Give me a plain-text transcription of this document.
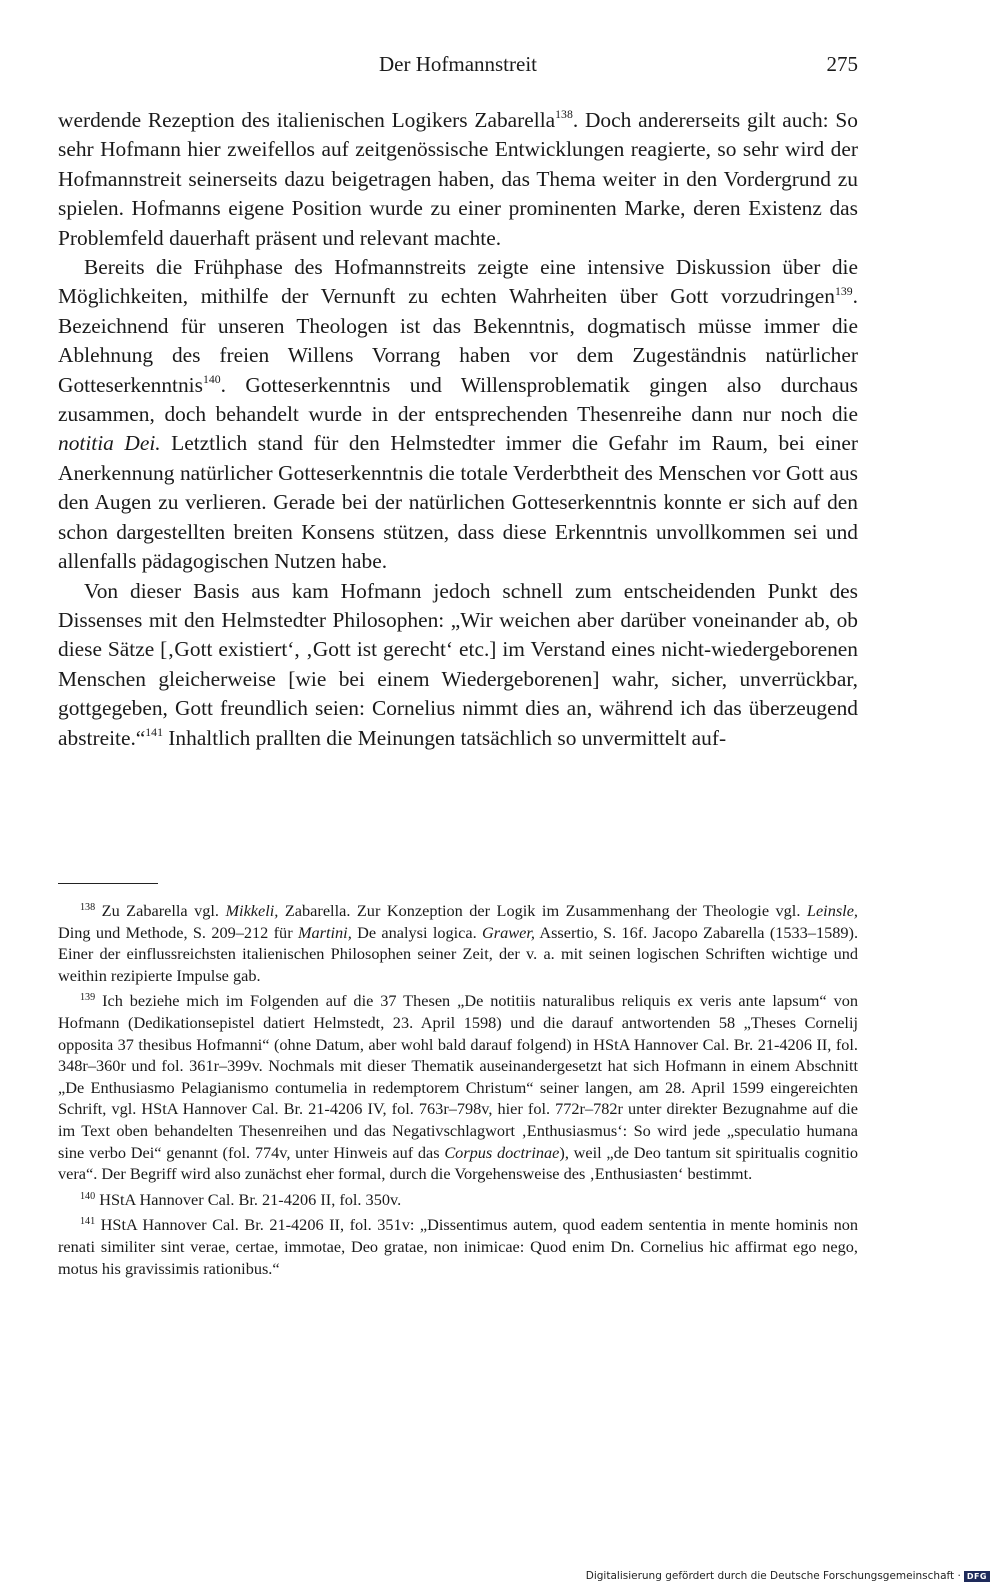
Der Hofmannstreit	275

werdende Rezeption des italienischen Logikers Zabarella$^{138}$. Doch andererseits gilt auch: So sehr Hofmann hier zweifellos auf zeitgenössische Entwicklungen reagierte, so sehr wird der Hofmannstreit seinerseits dazu beigetragen haben, das Thema weiter in den Vordergrund zu spielen. Hofmanns eigene Position wurde zu einer prominenten Marke, deren Existenz das Problemfeld dauerhaft präsent und relevant machte.

Bereits die Frühphase des Hofmannstreits zeigte eine intensive Diskussion über die Möglichkeiten, mithilfe der Vernunft zu echten Wahrheiten über Gott vorzudringen$^{139}$. Bezeichnend für unseren Theologen ist das Bekenntnis, dogmatisch müsse immer die Ablehnung des freien Willens Vorrang haben vor dem Zugeständnis natürlicher Gotteserkenntnis$^{140}$. Gotteserkenntnis und Willensproblematik gingen also durchaus zusammen, doch behandelt wurde in der entsprechenden Thesenreihe dann nur noch die notitia Dei. Letztlich stand für den Helmstedter immer die Gefahr im Raum, bei einer Anerkennung natürlicher Gotteserkenntnis die totale Verderbtheit des Menschen vor Gott aus den Augen zu verlieren. Gerade bei der natürlichen Gotteserkenntnis konnte er sich auf den schon dargestellten breiten Konsens stützen, dass diese Erkenntnis unvollkommen sei und allenfalls pädagogischen Nutzen habe.

Von dieser Basis aus kam Hofmann jedoch schnell zum entscheidenden Punkt des Dissenses mit den Helmstedter Philosophen: „Wir weichen aber darüber voneinander ab, ob diese Sätze [‚Gott existiert‘, ‚Gott ist gerecht‘ etc.] im Verstand eines nicht-wiedergeborenen Menschen gleicherweise [wie bei einem Wiedergeborenen] wahr, sicher, unverrückbar, gottgegeben, Gott freundlich seien: Cornelius nimmt dies an, während ich das überzeugend abstreite.“$^{141}$ Inhaltlich prallten die Meinungen tatsächlich so unvermittelt auf-

$^{138}$ Zu Zabarella vgl. Mikkeli, Zabarella. Zur Konzeption der Logik im Zusammenhang der Theologie vgl. Leinsle, Ding und Methode, S. 209–212 für Martini, De analysi logica. Grawer, Assertio, S. 16f. Jacopo Zabarella (1533–1589). Einer der einflussreichsten italienischen Philosophen seiner Zeit, der v. a. mit seinen logischen Schriften wichtige und weithin rezipierte Impulse gab.

$^{139}$ Ich beziehe mich im Folgenden auf die 37 Thesen „De notitiis naturalibus reliquis ex veris ante lapsum“ von Hofmann (Dedikationsepistel datiert Helmstedt, 23. April 1598) und die darauf antwortenden 58 „Theses Cornelij opposita 37 thesibus Hofmanni“ (ohne Datum, aber wohl bald darauf folgend) in HStA Hannover Cal. Br. 21-4206 II, fol. 348r–360r und fol. 361r–399v. Nochmals mit dieser Thematik auseinandergesetzt hat sich Hofmann in einem Abschnitt „De Enthusiasmo Pelagianismo contumelia in redemptorem Christum“ seiner langen, am 28. April 1599 eingereichten Schrift, vgl. HStA Hannover Cal. Br. 21-4206 IV, fol. 763r–798v, hier fol. 772r–782r unter direkter Bezugnahme auf die im Text oben behandelten Thesenreihen und das Negativschlagwort ‚Enthusiasmus‘: So wird jede „speculatio humana sine verbo Dei“ genannt (fol. 774v, unter Hinweis auf das Corpus doctrinae), weil „de Deo tantum sit spiritualis cognitio vera“. Der Begriff wird also zunächst eher formal, durch die Vorgehensweise des ‚Enthusiasten‘ bestimmt.

$^{140}$ HStA Hannover Cal. Br. 21-4206 II, fol. 350v.

$^{141}$ HStA Hannover Cal. Br. 21-4206 II, fol. 351v: „Dissentimus autem, quod eadem sententia in mente hominis non renati similiter sint verae, certae, immotae, Deo gratae, non inimicae: Quod enim Dn. Cornelius hic affirmat ego nego, motus his gravissimis rationibus.“

Digitalisierung gefördert durch die Deutsche Forschungsgemeinschaft · DFG
